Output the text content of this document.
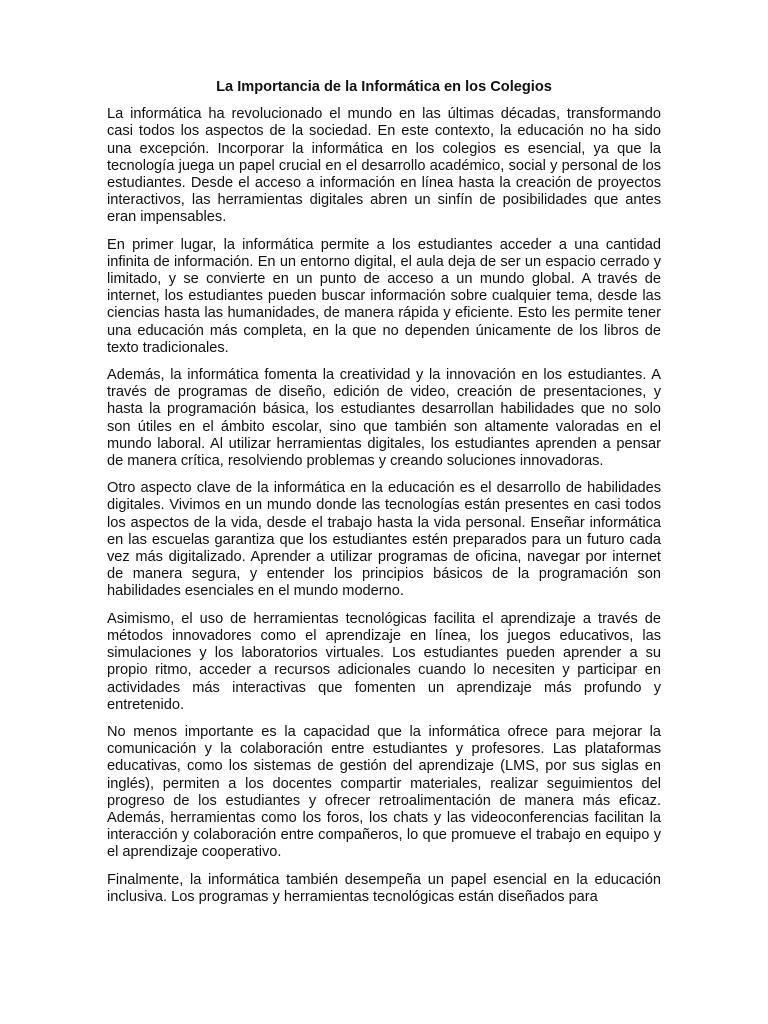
La Importancia de la Informática en los Colegios

La informática ha revolucionado el mundo en las últimas décadas, transformando casi todos los aspectos de la sociedad. En este contexto, la educación no ha sido una excepción. Incorporar la informática en los colegios es esencial, ya que la tecnología juega un papel crucial en el desarrollo académico, social y personal de los estudiantes. Desde el acceso a información en línea hasta la creación de proyectos interactivos, las herramientas digitales abren un sinfín de posibilidades que antes eran impensables.

En primer lugar, la informática permite a los estudiantes acceder a una cantidad infinita de información. En un entorno digital, el aula deja de ser un espacio cerrado y limitado, y se convierte en un punto de acceso a un mundo global. A través de internet, los estudiantes pueden buscar información sobre cualquier tema, desde las ciencias hasta las humanidades, de manera rápida y eficiente. Esto les permite tener una educación más completa, en la que no dependen únicamente de los libros de texto tradicionales.

Además, la informática fomenta la creatividad y la innovación en los estudiantes. A través de programas de diseño, edición de video, creación de presentaciones, y hasta la programación básica, los estudiantes desarrollan habilidades que no solo son útiles en el ámbito escolar, sino que también son altamente valoradas en el mundo laboral. Al utilizar herramientas digitales, los estudiantes aprenden a pensar de manera crítica, resolviendo problemas y creando soluciones innovadoras.

Otro aspecto clave de la informática en la educación es el desarrollo de habilidades digitales. Vivimos en un mundo donde las tecnologías están presentes en casi todos los aspectos de la vida, desde el trabajo hasta la vida personal. Enseñar informática en las escuelas garantiza que los estudiantes estén preparados para un futuro cada vez más digitalizado. Aprender a utilizar programas de oficina, navegar por internet de manera segura, y entender los principios básicos de la programación son habilidades esenciales en el mundo moderno.

Asimismo, el uso de herramientas tecnológicas facilita el aprendizaje a través de métodos innovadores como el aprendizaje en línea, los juegos educativos, las simulaciones y los laboratorios virtuales. Los estudiantes pueden aprender a su propio ritmo, acceder a recursos adicionales cuando lo necesiten y participar en actividades más interactivas que fomenten un aprendizaje más profundo y entretenido.

No menos importante es la capacidad que la informática ofrece para mejorar la comunicación y la colaboración entre estudiantes y profesores. Las plataformas educativas, como los sistemas de gestión del aprendizaje (LMS, por sus siglas en inglés), permiten a los docentes compartir materiales, realizar seguimientos del progreso de los estudiantes y ofrecer retroalimentación de manera más eficaz. Además, herramientas como los foros, los chats y las videoconferencias facilitan la interacción y colaboración entre compañeros, lo que promueve el trabajo en equipo y el aprendizaje cooperativo.

Finalmente, la informática también desempeña un papel esencial en la educación inclusiva. Los programas y herramientas tecnológicas están diseñados para
